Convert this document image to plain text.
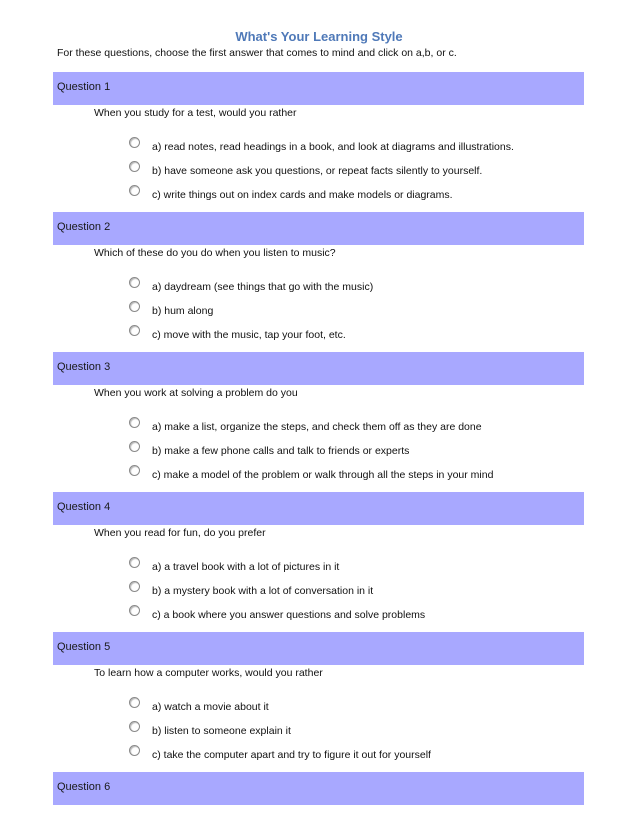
What's Your Learning Style
For these questions, choose the first answer that comes to mind and click on a,b, or c.
Question 1
When you study for a test, would you rather
a) read notes, read headings in a book, and look at diagrams and illustrations.
b) have someone ask you questions, or repeat facts silently to yourself.
c) write things out on index cards and make models or diagrams.
Question 2
Which of these do you do when you listen to music?
a) daydream (see things that go with the music)
b) hum along
c) move with the music, tap your foot, etc.
Question 3
When you work at solving a problem do you
a) make a list, organize the steps, and check them off as they are done
b) make a few phone calls and talk to friends or experts
c) make a model of the problem or walk through all the steps in your mind
Question 4
When you read for fun, do you prefer
a) a travel book with a lot of pictures in it
b) a mystery book with a lot of conversation in it
c) a book where you answer questions and solve problems
Question 5
To learn how a computer works, would you rather
a) watch a movie about it
b) listen to someone explain it
c) take the computer apart and try to figure it out for yourself
Question 6
